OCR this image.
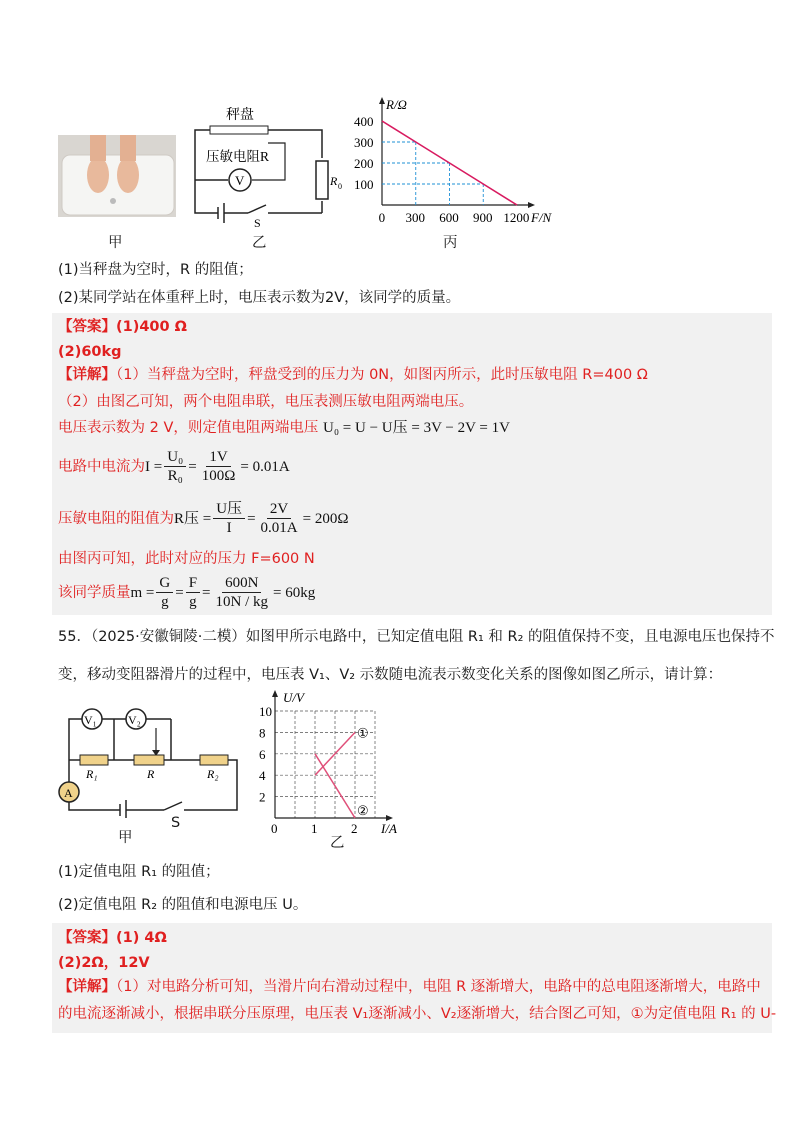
甲
秤盘
R 0
V
压敏电阻R
S
乙
400
300
200
100
0 300 600 900 1200
R/Ω
F/N
丙
(1)当秤盘为空时，R 的阻值；
(2)某同学站在体重秤上时，电压表示数为2V，该同学的质量。
【答案】(1)400 Ω
(2)60kg
【详解】（1）当秤盘为空时，秤盘受到的压力为 0N，如图丙所示，此时压敏电阻 R=400 Ω
（2）由图乙可知，两个电阻串联，电压表测压敏电阻两端电压。
电压表示数为 2 V，则定值电阻两端电压 U₀ = U − U压 = 3V − 2V = 1V
电路中电流为 $I = \frac{\text{U₀}}{\text{R₀}} = \frac{1V}{100\Omega} = 0.01A$
压敏电阻的阻值为 R压 = $\frac{\text{U压}}{I} = \frac{2V}{0.01A} = 200\Omega$
由图丙可知，此时对应的压力 F=600 N
该同学质量 $m = \frac{G}{g} = \frac{F}{g} = \frac{600N}{10N / kg} = 60kg$
55．（2025·安徽铜陵·二模）如图甲所示电路中，已知定值电阻 R₁ 和 R₂ 的阻值保持不变，且电源电压也保持不
变，移动变阻器滑片的过程中，电压表 V₁、V₂ 示数随电流表示数变化关系的图像如图乙所示，请计算：
V₁	V₂
R₁	R	R₂
A
S
甲
①
②
10
8
6
4
2
0	1	2
U/V
I/A
乙
(1)定值电阻 R₁ 的阻值；
(2)定值电阻 R₂ 的阻值和电源电压 U。
【答案】(1) 4Ω
(2)2Ω，12V
【详解】（1）对电路分析可知，当滑片向右滑动过程中，电阻 R 逐渐增大，电路中的总电阻逐渐增大，电路中
的电流逐渐减小，根据串联分压原理，电压表 V₁逐渐减小、V₂逐渐增大，结合图乙可知，①为定值电阻 R₁ 的 U-
